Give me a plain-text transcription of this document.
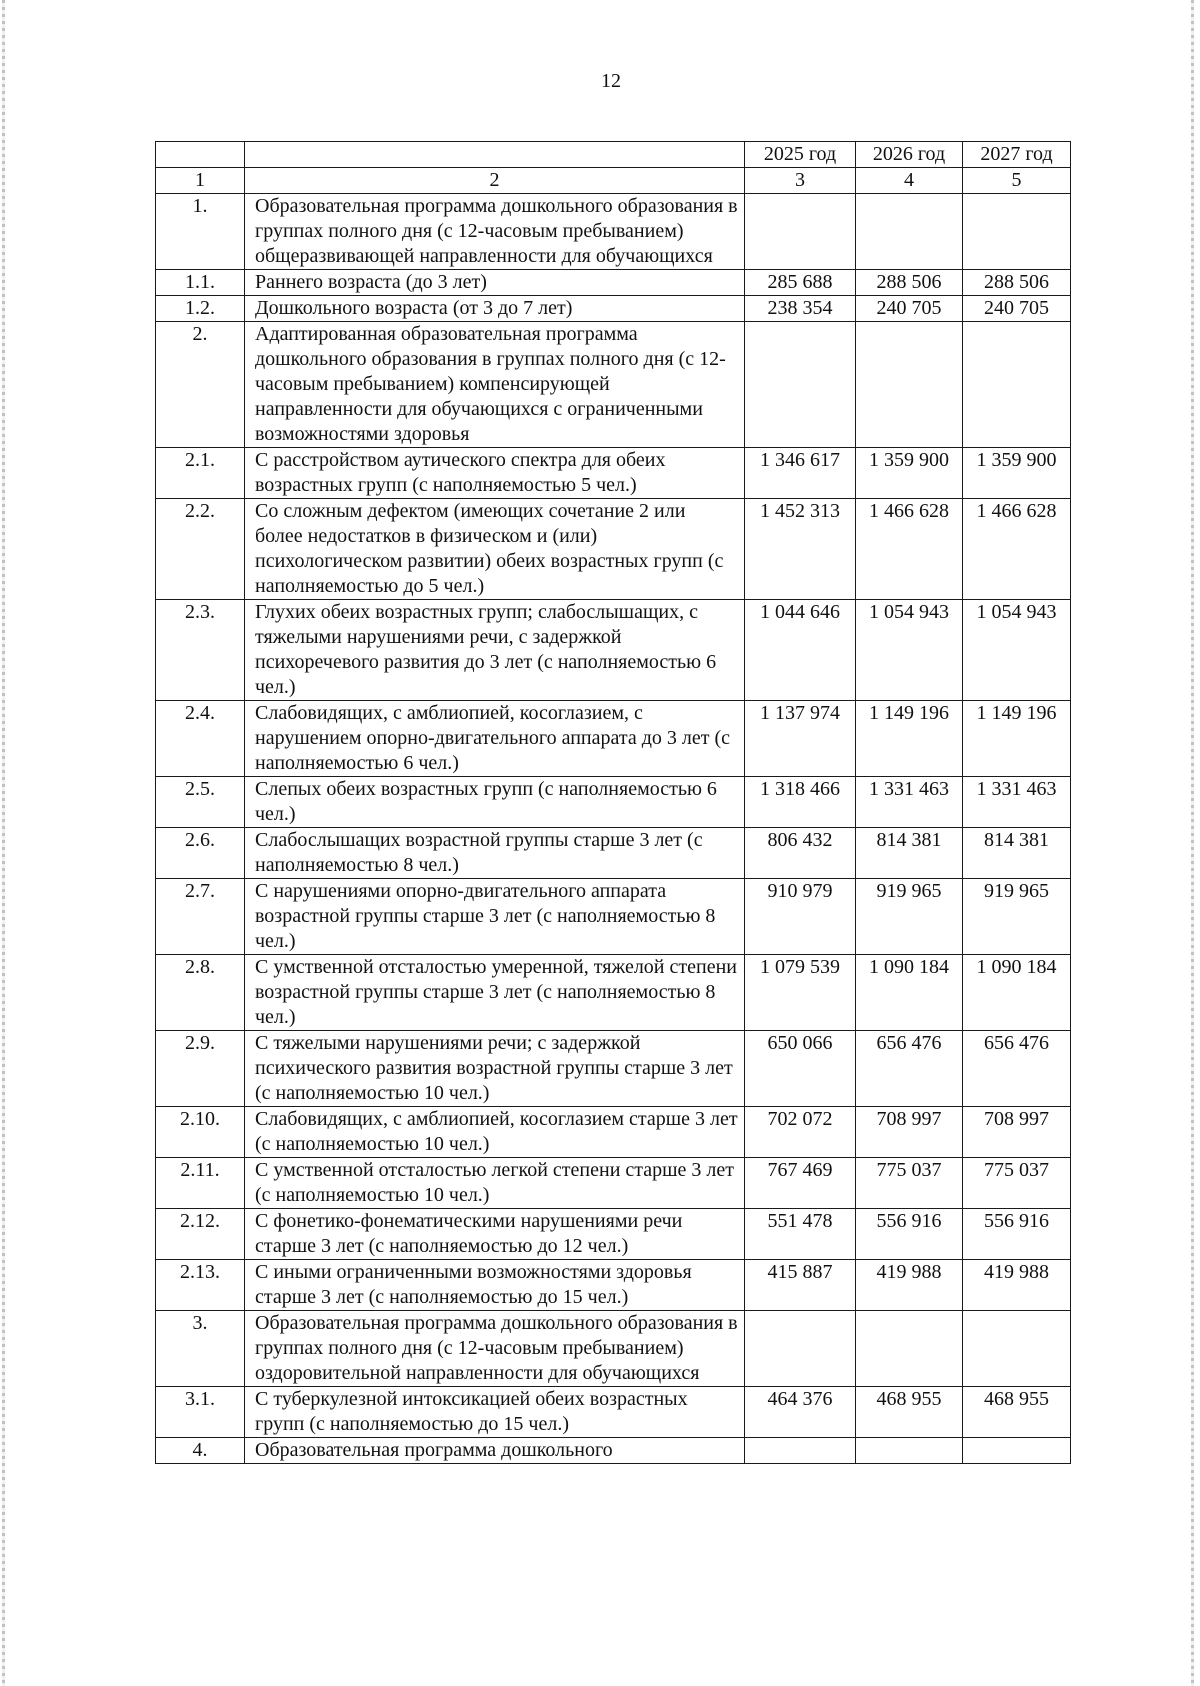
12
		2025 год	2026 год	2027 год
1	2	3	4	5
1.	Образовательная программа дошкольного образования в группах полного дня (с 12-часовым пребыванием) общеразвивающей направленности для обучающихся			
1.1.	Раннего возраста (до 3 лет)	285 688	288 506	288 506
1.2.	Дошкольного возраста (от 3 до 7 лет)	238 354	240 705	240 705
2.	Адаптированная образовательная программа дошкольного образования в группах полного дня (с 12-часовым пребыванием) компенсирующей направленности для обучающихся с ограниченными возможностями здоровья			
2.1.	С расстройством аутического спектра для обеих возрастных групп (с наполняемостью 5 чел.)	1 346 617	1 359 900	1 359 900
2.2.	Со сложным дефектом (имеющих сочетание 2 или более недостатков в физическом и (или) психологическом развитии) обеих возрастных групп (с наполняемостью до 5 чел.)	1 452 313	1 466 628	1 466 628
2.3.	Глухих обеих возрастных групп; слабослышащих, с тяжелыми нарушениями речи, с задержкой психоречевого развития до 3 лет (с наполняемостью 6 чел.)	1 044 646	1 054 943	1 054 943
2.4.	Слабовидящих, с амблиопией, косоглазием, с нарушением опорно-двигательного аппарата до 3 лет (с наполняемостью 6 чел.)	1 137 974	1 149 196	1 149 196
2.5.	Слепых обеих возрастных групп (с наполняемостью 6 чел.)	1 318 466	1 331 463	1 331 463
2.6.	Слабослышащих возрастной группы старше 3 лет (с наполняемостью 8 чел.)	806 432	814 381	814 381
2.7.	С нарушениями опорно-двигательного аппарата возрастной группы старше 3 лет (с наполняемостью 8 чел.)	910 979	919 965	919 965
2.8.	С умственной отсталостью умеренной, тяжелой степени возрастной группы старше 3 лет (с наполняемостью 8 чел.)	1 079 539	1 090 184	1 090 184
2.9.	С тяжелыми нарушениями речи; с задержкой психического развития возрастной группы старше 3 лет (с наполняемостью 10 чел.)	650 066	656 476	656 476
2.10.	Слабовидящих, с амблиопией, косоглазием старше 3 лет (с наполняемостью 10 чел.)	702 072	708 997	708 997
2.11.	С умственной отсталостью легкой степени старше 3 лет (с наполняемостью 10 чел.)	767 469	775 037	775 037
2.12.	С фонетико-фонематическими нарушениями речи старше 3 лет (с наполняемостью до 12 чел.)	551 478	556 916	556 916
2.13.	С иными ограниченными возможностями здоровья старше 3 лет (с наполняемостью до 15 чел.)	415 887	419 988	419 988
3.	Образовательная программа дошкольного образования в группах полного дня (с 12-часовым пребыванием) оздоровительной направленности для обучающихся			
3.1.	С туберкулезной интоксикацией обеих возрастных групп (с наполняемостью до 15 чел.)	464 376	468 955	468 955
4.	Образовательная программа дошкольного			
